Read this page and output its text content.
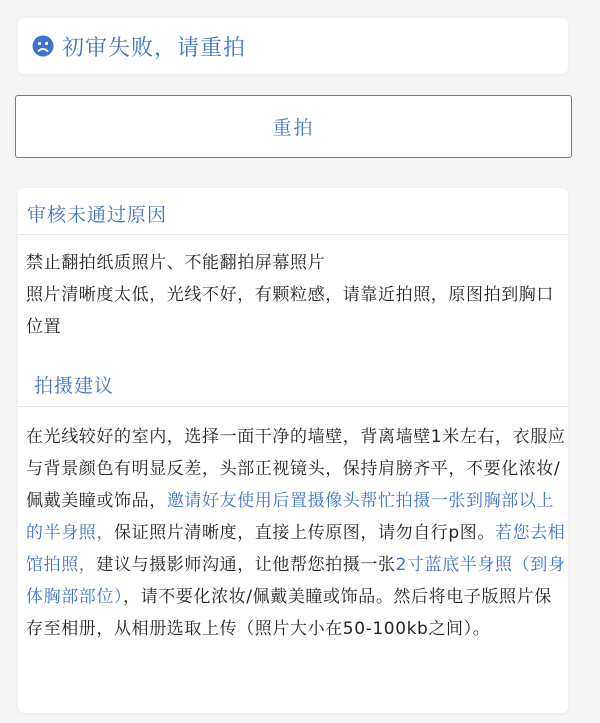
初审失败，请重拍
重拍
审核未通过原因
禁止翻拍纸质照片、不能翻拍屏幕照片
照片清晰度太低，光线不好，有颗粒感，请靠近拍照，原图拍到胸口位置
拍摄建议
在光线较好的室内，选择一面干净的墙壁，背离墙壁1米左右，衣服应与背景颜色有明显反差，头部正视镜头，保持肩膀齐平，不要化浓妆/佩戴美瞳或饰品，邀请好友使用后置摄像头帮忙拍摄一张到胸部以上的半身照，保证照片清晰度，直接上传原图，请勿自行p图。若您去相馆拍照，建议与摄影师沟通，让他帮您拍摄一张2寸蓝底半身照（到身体胸部部位），请不要化浓妆/佩戴美瞳或饰品。然后将电子版照片保存至相册，从相册选取上传（照片大小在50-100kb之间）。
